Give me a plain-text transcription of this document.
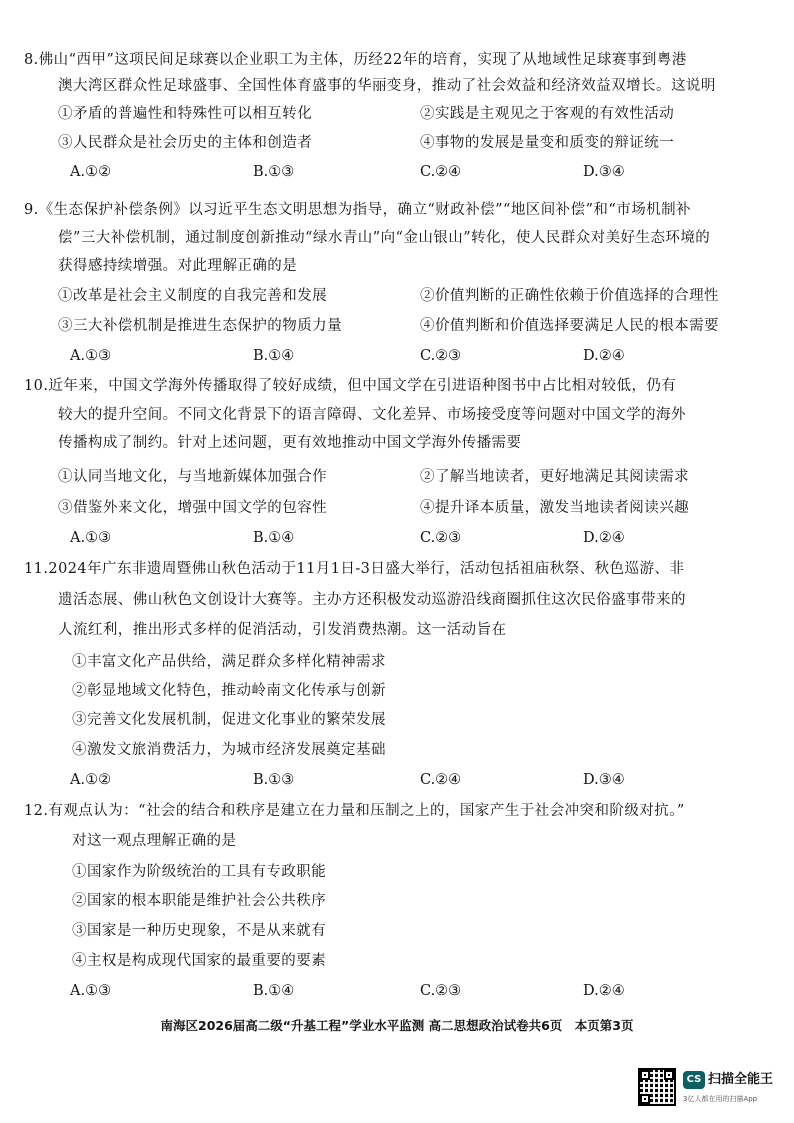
8.佛山“西甲”这项民间足球赛以企业职工为主体，历经22年的培育，实现了从地域性足球赛事到粤港
澳大湾区群众性足球盛事、全国性体育盛事的华丽变身，推动了社会效益和经济效益双增长。这说明
①矛盾的普遍性和特殊性可以相互转化	②实践是主观见之于客观的有效性活动
③人民群众是社会历史的主体和创造者	④事物的发展是量变和质变的辩证统一
A.①②	B.①③	C.②④	D.③④
9.《生态保护补偿条例》以习近平生态文明思想为指导，确立“财政补偿”“地区间补偿”和“市场机制补
偿”三大补偿机制，通过制度创新推动“绿水青山”向“金山银山”转化，使人民群众对美好生态环境的
获得感持续增强。对此理解正确的是
①改革是社会主义制度的自我完善和发展	②价值判断的正确性依赖于价值选择的合理性
③三大补偿机制是推进生态保护的物质力量	④价值判断和价值选择要满足人民的根本需要
A.①③	B.①④	C.②③	D.②④
10.近年来，中国文学海外传播取得了较好成绩，但中国文学在引进语种图书中占比相对较低，仍有
较大的提升空间。不同文化背景下的语言障碍、文化差异、市场接受度等问题对中国文学的海外
传播构成了制约。针对上述问题，更有效地推动中国文学海外传播需要
①认同当地文化，与当地新媒体加强合作	②了解当地读者，更好地满足其阅读需求
③借鉴外来文化，增强中国文学的包容性	④提升译本质量，激发当地读者阅读兴趣
A.①③	B.①④	C.②③	D.②④
11.2024年广东非遗周暨佛山秋色活动于11月1日-3日盛大举行，活动包括祖庙秋祭、秋色巡游、非
遗活态展、佛山秋色文创设计大赛等。主办方还积极发动巡游沿线商圈抓住这次民俗盛事带来的
人流红利，推出形式多样的促消活动，引发消费热潮。这一活动旨在
①丰富文化产品供给，满足群众多样化精神需求
②彰显地域文化特色，推动岭南文化传承与创新
③完善文化发展机制，促进文化事业的繁荣发展
④激发文旅消费活力，为城市经济发展奠定基础
A.①②	B.①③	C.②④	D.③④
12.有观点认为：“社会的结合和秩序是建立在力量和压制之上的，国家产生于社会冲突和阶级对抗。”
对这一观点理解正确的是
①国家作为阶级统治的工具有专政职能
②国家的根本职能是维护社会公共秩序
③国家是一种历史现象，不是从来就有
④主权是构成现代国家的最重要的要素
A.①③	B.①④	C.②③	D.②④
南海区2026届高二级“升基工程”学业水平监测 高二思想政治试卷共6页　本页第3页
CS 扫描全能王
3亿人都在用的扫描App
